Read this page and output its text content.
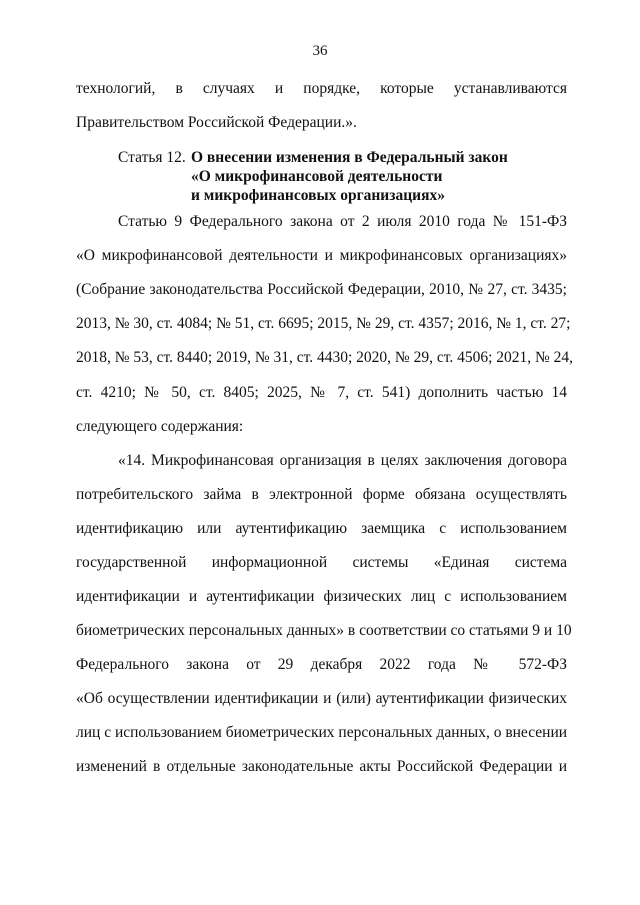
36
технологий, в случаях и порядке, которые устанавливаются
Правительством Российской Федерации.».
Статья 12. О внесении изменения в Федеральный закон
«О микрофинансовой деятельности
и микрофинансовых организациях»
Статью 9 Федерального закона от 2 июля 2010 года № 151-ФЗ
«О микрофинансовой деятельности и микрофинансовых организациях»
(Собрание законодательства Российской Федерации, 2010, № 27, ст. 3435;
2013, № 30, ст. 4084; № 51, ст. 6695; 2015, № 29, ст. 4357; 2016, № 1, ст. 27;
2018, № 53, ст. 8440; 2019, № 31, ст. 4430; 2020, № 29, ст. 4506; 2021, № 24,
ст. 4210; № 50, ст. 8405; 2025, № 7, ст. 541) дополнить частью 14
следующего содержания:
«14. Микрофинансовая организация в целях заключения договора
потребительского займа в электронной форме обязана осуществлять
идентификацию или аутентификацию заемщика с использованием
государственной информационной системы «Единая система
идентификации и аутентификации физических лиц с использованием
биометрических персональных данных» в соответствии со статьями 9 и 10
Федерального закона от 29 декабря 2022 года № 572-ФЗ
«Об осуществлении идентификации и (или) аутентификации физических
лиц с использованием биометрических персональных данных, о внесении
изменений в отдельные законодательные акты Российской Федерации и
